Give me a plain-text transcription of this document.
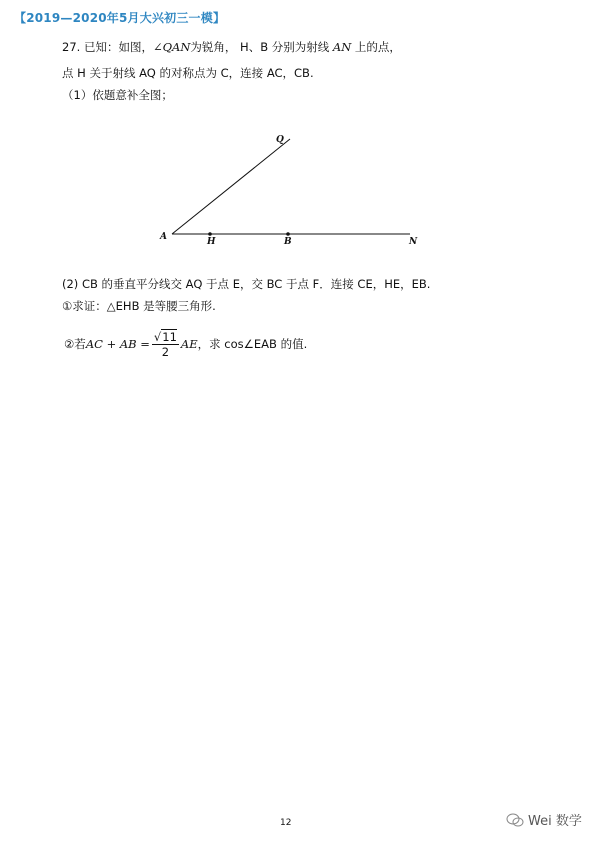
【2019—2020年5月大兴初三一模】
27. 已知：如图，∠QAN为锐角， H、B 分别为射线 AN 上的点，
点 H 关于射线 AQ 的对称点为 C，连接 AC，CB.
（1）依题意补全图；
A	H	B	N
Q
(2) CB 的垂直平分线交 AQ 于点 E，交 BC 于点 F．连接 CE，HE，EB.
①求证：△EHB 是等腰三角形.
②若 AC + AB = $\frac{√11}{2}$ AE ，求 cos∠EAB 的值.
12	Wei 数学
